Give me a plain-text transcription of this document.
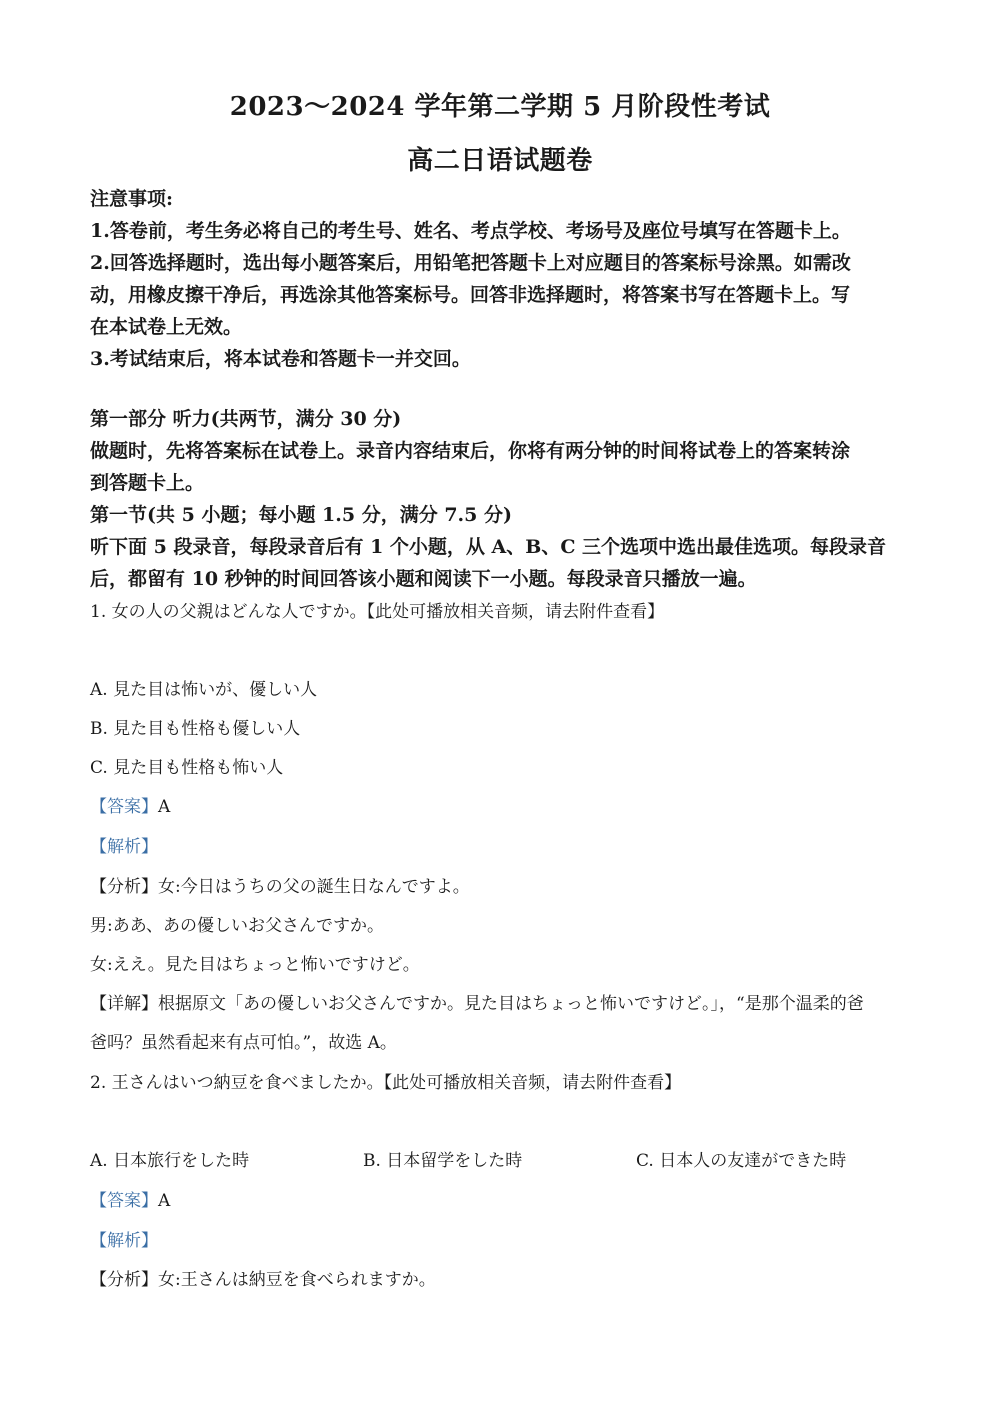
2023～2024 学年第二学期 5 月阶段性考试
高二日语试题卷
注意事项:
1.答卷前，考生务必将自己的考生号、姓名、考点学校、考场号及座位号填写在答题卡上。
2.回答选择题时，选出每小题答案后，用铅笔把答题卡上对应题目的答案标号涂黑。如需改
动，用橡皮擦干净后，再选涂其他答案标号。回答非选择题时，将答案书写在答题卡上。写
在本试卷上无效。
3.考试结束后，将本试卷和答题卡一并交回。
第一部分 听力(共两节，满分 30 分)
做题时，先将答案标在试卷上。录音内容结束后，你将有两分钟的时间将试卷上的答案转涂
到答题卡上。
第一节(共 5 小题；每小题 1.5 分，满分 7.5 分)
听下面 5 段录音，每段录音后有 1 个小题，从 A、B、C 三个选项中选出最佳选项。每段录音
后，都留有 10 秒钟的时间回答该小题和阅读下一小题。每段录音只播放一遍。
1. 女の人の父親はどんな人ですか。【此处可播放相关音频，请去附件查看】
A. 見た目は怖いが、優しい人
B. 見た目も性格も優しい人
C. 見た目も性格も怖い人
【答案】A
【解析】
【分析】女:今日はうちの父の誕生日なんですよ。
男:ああ、あの優しいお父さんですか。
女:ええ。見た目はちょっと怖いですけど。
【详解】根据原文「あの優しいお父さんですか。見た目はちょっと怖いですけど。」，“是那个温柔的爸
爸吗？虽然看起来有点可怕。”，故选 A。
2. 王さんはいつ納豆を食べましたか。【此处可播放相关音频，请去附件查看】
A. 日本旅行をした時	B. 日本留学をした時	C. 日本人の友達ができた時
【答案】A
【解析】
【分析】女:王さんは納豆を食べられますか。
